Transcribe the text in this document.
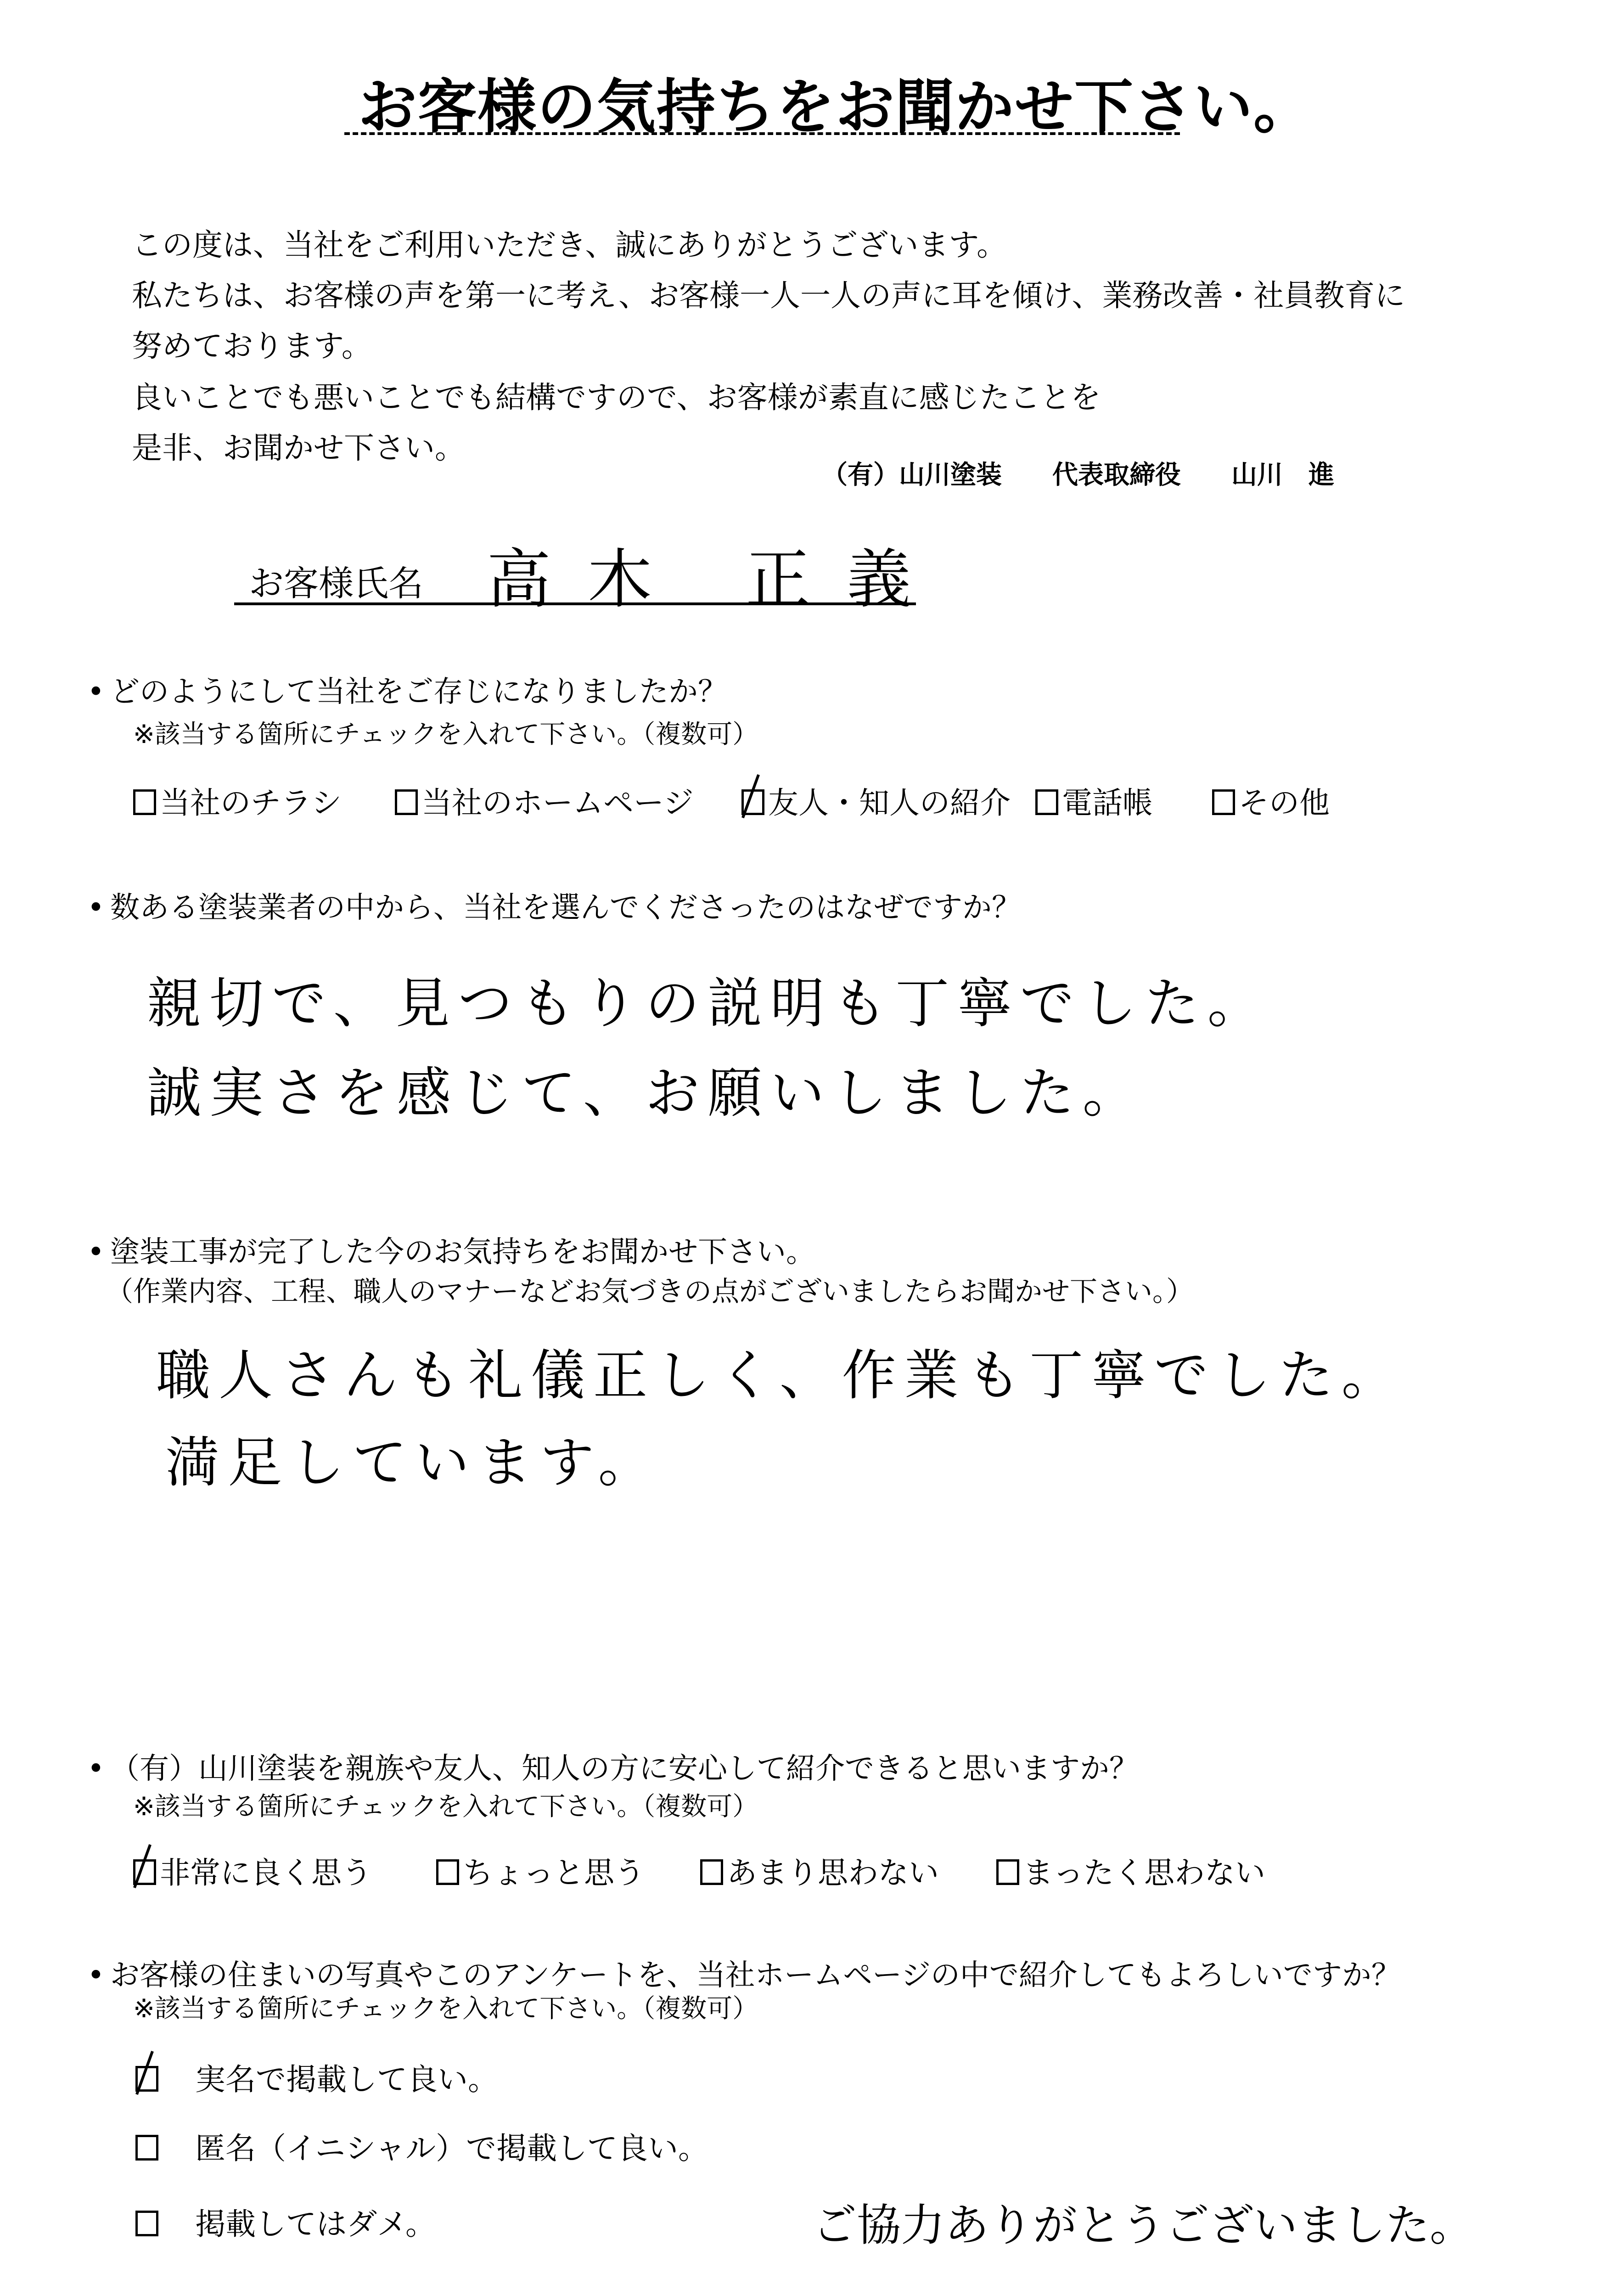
お客様の気持ちをお聞かせ下さい。
この度は、当社をご利用いただき、誠にありがとうございます。
私たちは、お客様の声を第一に考え、お客様一人一人の声に耳を傾け、業務改善・社員教育に
努めております。
良いことでも悪いことでも結構ですので、お客様が素直に感じたことを
是非、お聞かせ下さい。
（有）山川塗装 代表取締役 山川　進
お客様氏名 高木 正義
• どのようにして当社をご存じになりましたか？
※該当する箇所にチェックを入れて下さい。（複数可）
当社のチラシ	当社のホームページ	友人・知人の紹介	電話帳	その他
• 数ある塗装業者の中から、当社を選んでくださったのはなぜですか？
親切で、見つもりの説明も丁寧でした。
誠実さを感じて、お願いしました。
• 塗装工事が完了した今のお気持ちをお聞かせ下さい。
（作業内容、工程、職人のマナーなどお気づきの点がございましたらお聞かせ下さい。）
職人さんも礼儀正しく、作業も丁寧でした。
満足しています。
• （有）山川塗装を親族や友人、知人の方に安心して紹介できると思いますか？
※該当する箇所にチェックを入れて下さい。（複数可）
非常に良く思う	ちょっと思う	あまり思わない	まったく思わない
• お客様の住まいの写真やこのアンケートを、当社ホームページの中で紹介してもよろしいですか？
※該当する箇所にチェックを入れて下さい。（複数可）
実名で掲載して良い。
匿名（イニシャル）で掲載して良い。
掲載してはダメ。	ご協力ありがとうございました。
